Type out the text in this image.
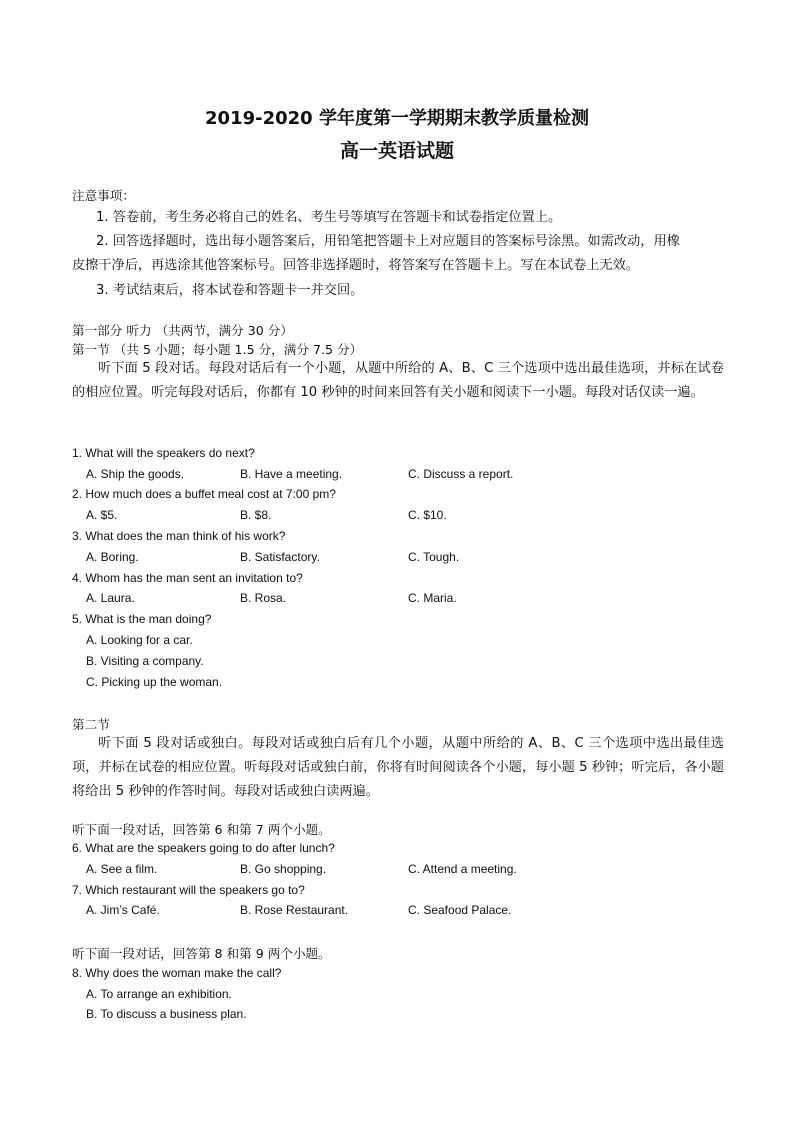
2019-2020 学年度第一学期期末教学质量检测
高一英语试题
注意事项：
1. 答卷前，考生务必将自己的姓名、考生号等填写在答题卡和试卷指定位置上。
2. 回答选择题时，选出每小题答案后，用铅笔把答题卡上对应题目的答案标号涂黑。如需改动，用橡
皮擦干净后，再选涂其他答案标号。回答非选择题时，将答案写在答题卡上。写在本试卷上无效。
3. 考试结束后，将本试卷和答题卡一并交回。
第一部分 听力 （共两节，满分 30 分）
第一节 （共 5 小题；每小题 1.5 分，满分 7.5 分）
听下面 5 段对话。每段对话后有一个小题，从题中所给的 A、B、C 三个选项中选出最佳选项，并标在试卷的相应位置。听完每段对话后，你都有 10 秒钟的时间来回答有关小题和阅读下一小题。每段对话仅读一遍。
1. What will the speakers do next?
A. Ship the goods.	B. Have a meeting.	C. Discuss a report.
2. How much does a buffet meal cost at 7:00 pm?
A. $5.	B. $8.	C. $10.
3. What does the man think of his work?
A. Boring.	B. Satisfactory.	C. Tough.
4. Whom has the man sent an invitation to?
A. Laura.	B. Rosa.	C. Maria.
5. What is the man doing?
A. Looking for a car.
B. Visiting a company.
C. Picking up the woman.
第二节
听下面 5 段对话或独白。每段对话或独白后有几个小题，从题中所给的 A、B、C 三个选项中选出最佳选项，并标在试卷的相应位置。听每段对话或独白前，你将有时间阅读各个小题，每小题 5 秒钟；听完后，各小题将给出 5 秒钟的作答时间。每段对话或独白读两遍。
听下面一段对话，回答第 6 和第 7 两个小题。
6. What are the speakers going to do after lunch?
A. See a film.	B. Go shopping.	C. Attend a meeting.
7. Which restaurant will the speakers go to?
A. Jim’s Café.	B. Rose Restaurant.	C. Seafood Palace.
听下面一段对话，回答第 8 和第 9 两个小题。
8. Why does the woman make the call?
A. To arrange an exhibition.
B. To discuss a business plan.
